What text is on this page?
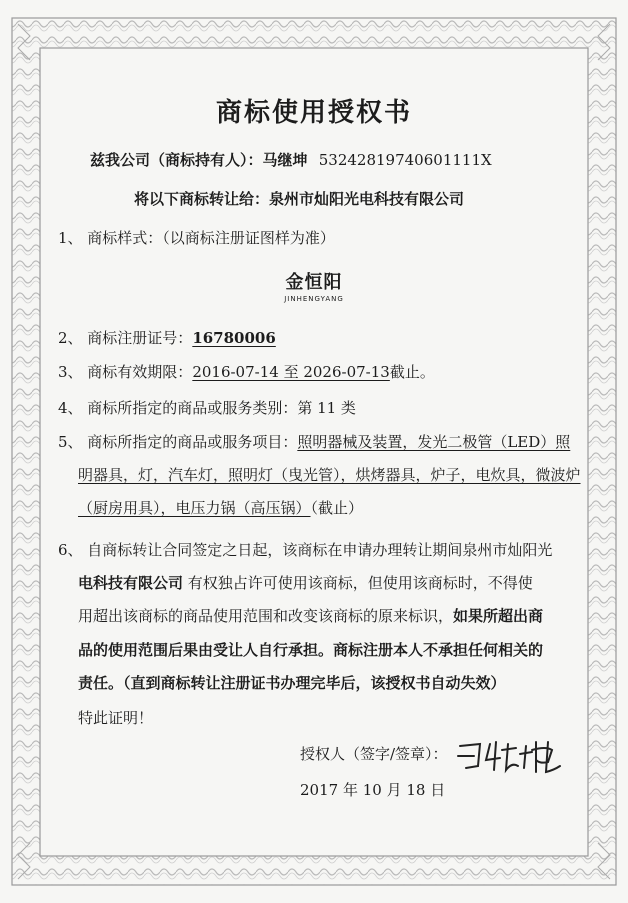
商标使用授权书
兹我公司（商标持有人）：马继坤 53242819740601111X
将以下商标转让给：泉州市灿阳光电科技有限公司
1、 商标样式：（以商标注册证图样为准）
金恒阳
JINHENGYANG
2、 商标注册证号：16780006
3、 商标有效期限：2016-07-14 至 2026-07-13截止。
4、 商标所指定的商品或服务类别：第 11 类
5、 商标所指定的商品或服务项目：照明器械及装置，发光二极管（LED）照
明器具，灯，汽车灯，照明灯（曳光管），烘烤器具，炉子，电炊具，微波炉
（厨房用具），电压力锅（高压锅）（截止）
6、 自商标转让合同签定之日起，该商标在申请办理转让期间泉州市灿阳光
电科技有限公司 有权独占许可使用该商标，但使用该商标时，不得使
用超出该商标的商品使用范围和改变该商标的原来标识，如果所超出商
品的使用范围后果由受让人自行承担。商标注册本人不承担任何相关的
责任。（直到商标转让注册证书办理完毕后，该授权书自动失效）
特此证明！
授权人（签字/签章）：
2017 年 10 月 18 日
